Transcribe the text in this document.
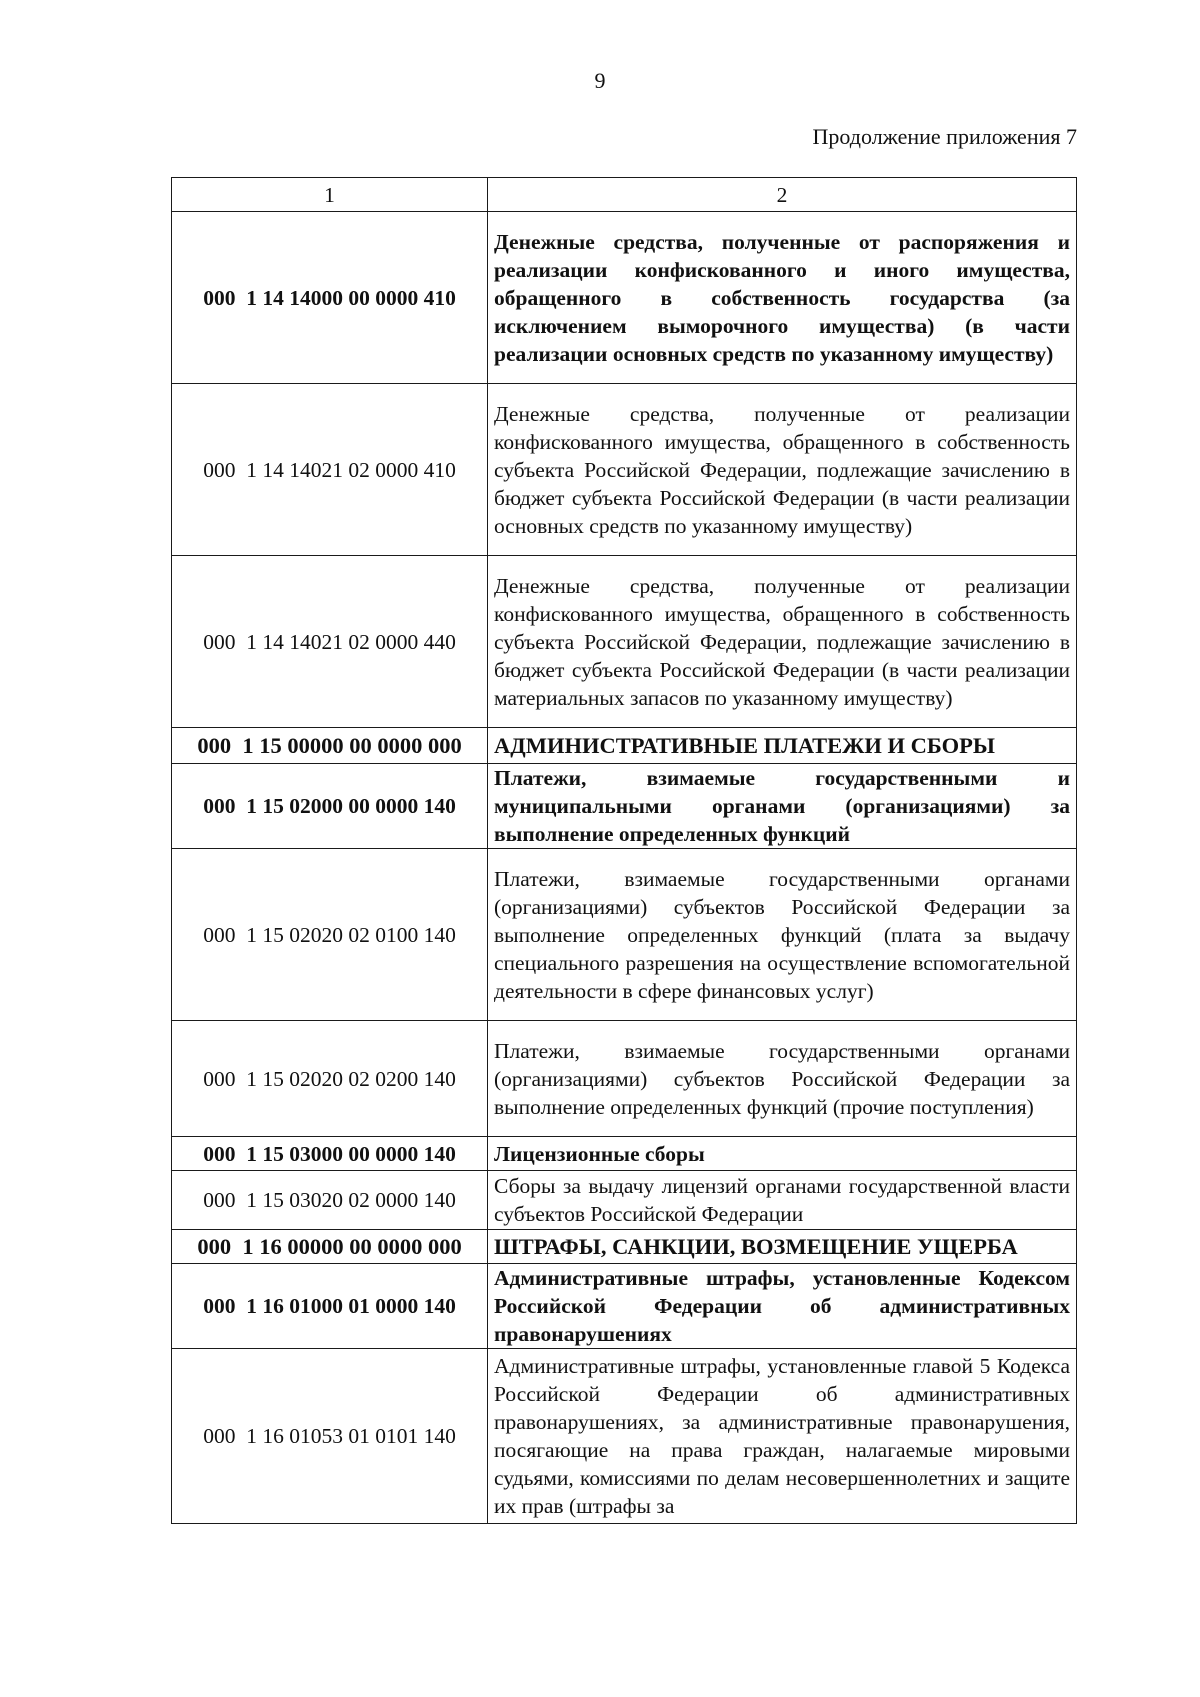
9
Продолжение приложения 7
1	2
000  1 14 14000 00 0000 410	Денежные средства, полученные от распоряжения и реализации конфискованного и иного имущества, обращенного в собственность государства (за исключением выморочного имущества) (в части реализации основных средств по указанному имуществу)
000  1 14 14021 02 0000 410	Денежные средства, полученные от реализации конфискованного имущества, обращенного в собственность субъекта Российской Федерации, подлежащие зачислению в бюджет субъекта Российской Федерации (в части реализации основных средств по указанному имуществу)
000  1 14 14021 02 0000 440	Денежные средства, полученные от реализации конфискованного имущества, обращенного в собственность субъекта Российской Федерации, подлежащие зачислению в бюджет субъекта Российской Федерации (в части реализации материальных запасов по указанному имуществу)
000  1 15 00000 00 0000 000	АДМИНИСТРАТИВНЫЕ ПЛАТЕЖИ И СБОРЫ
000  1 15 02000 00 0000 140	Платежи, взимаемые государственными и муниципальными органами (организациями) за выполнение определенных функций
000  1 15 02020 02 0100 140	Платежи, взимаемые государственными органами (организациями) субъектов Российской Федерации за выполнение определенных функций (плата за выдачу специального разрешения на осуществление вспомогательной деятельности в сфере финансовых услуг)
000  1 15 02020 02 0200 140	Платежи, взимаемые государственными органами (организациями) субъектов Российской Федерации за выполнение определенных функций (прочие поступления)
000  1 15 03000 00 0000 140	Лицензионные сборы
000  1 15 03020 02 0000 140	Сборы за выдачу лицензий органами государственной власти субъектов Российской Федерации
000  1 16 00000 00 0000 000	ШТРАФЫ, САНКЦИИ, ВОЗМЕЩЕНИЕ УЩЕРБА
000  1 16 01000 01 0000 140	Административные штрафы, установленные Кодексом Российской Федерации об административных правонарушениях
000  1 16 01053 01 0101 140	Административные штрафы, установленные главой 5 Кодекса Российской Федерации об административных правонарушениях, за административные правонарушения, посягающие на права граждан, налагаемые мировыми судьями, комиссиями по делам несовершеннолетних и защите их прав (штрафы за
